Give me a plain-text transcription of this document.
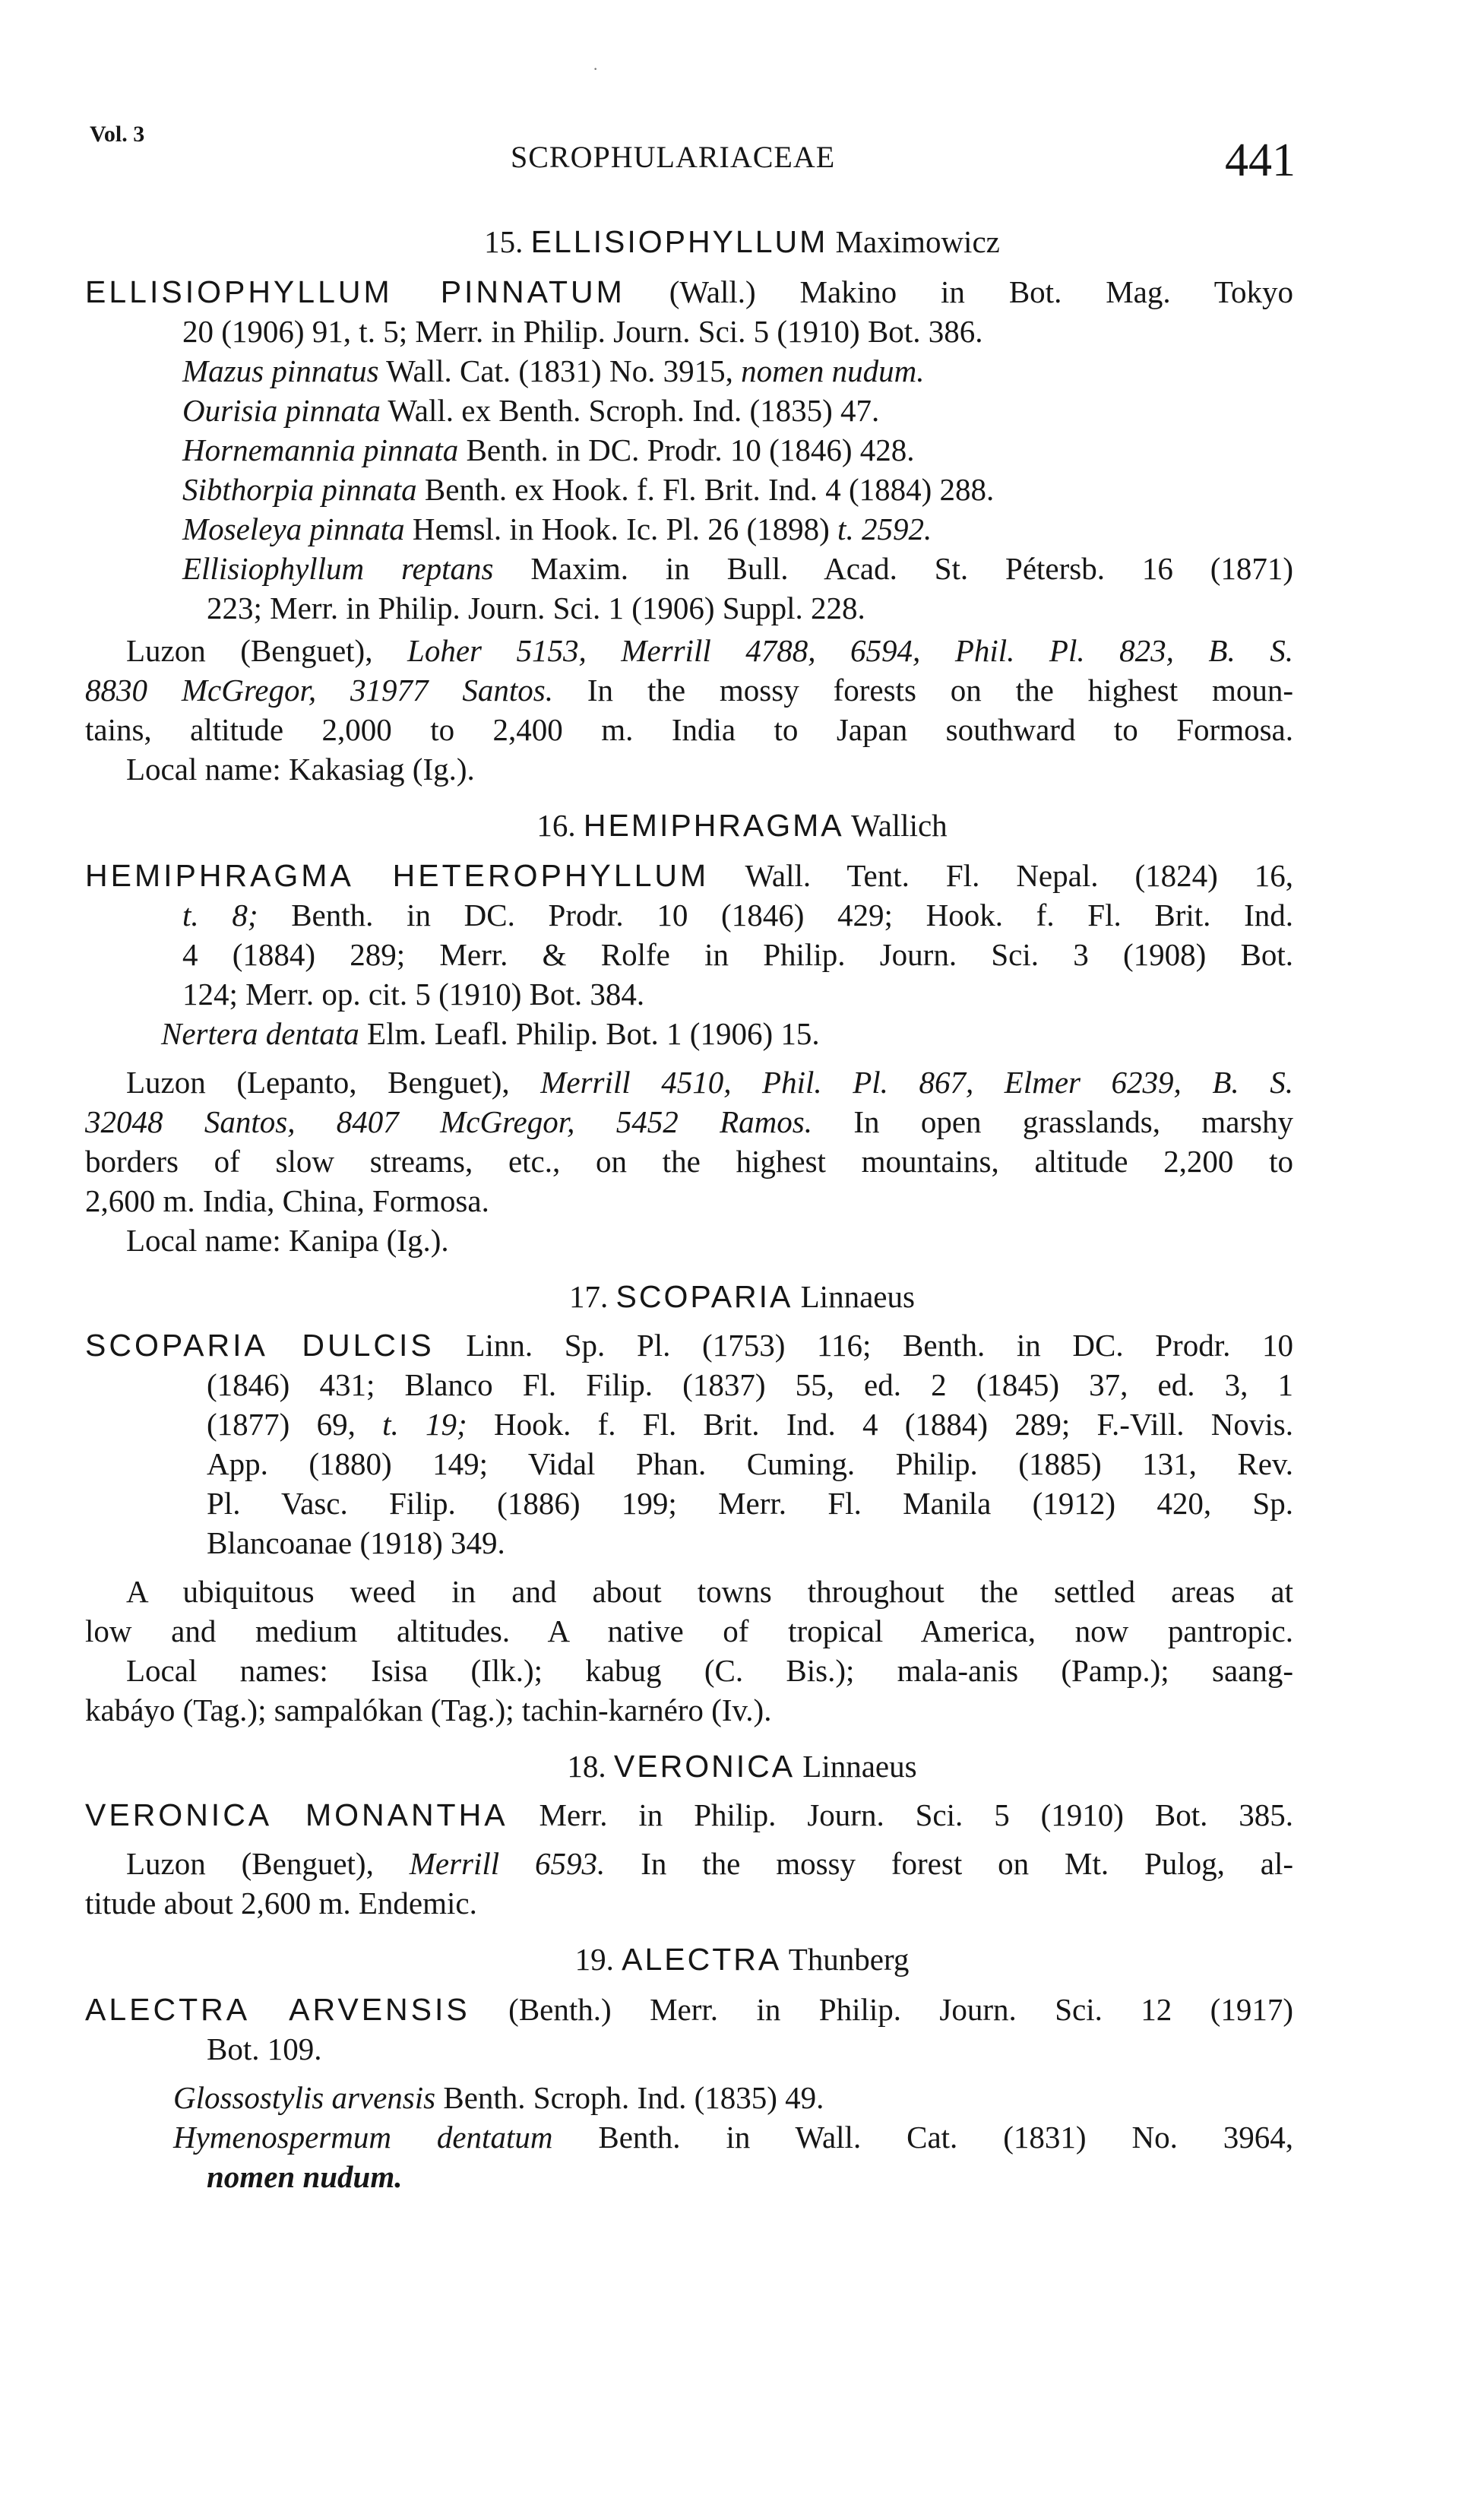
·
Vol. 3
SCROPHULARIACEAE	441
15. ELLISIOPHYLLUM Maximowicz
ELLISIOPHYLLUM PINNATUM (Wall.) Makino in Bot. Mag. Tokyo
20 (1906) 91, t. 5; Merr. in Philip. Journ. Sci. 5 (1910) Bot. 386.
Mazus pinnatus Wall. Cat. (1831) No. 3915, nomen nudum.
Ourisia pinnata Wall. ex Benth. Scroph. Ind. (1835) 47.
Hornemannia pinnata Benth. in DC. Prodr. 10 (1846) 428.
Sibthorpia pinnata Benth. ex Hook. f. Fl. Brit. Ind. 4 (1884) 288.
Moseleya pinnata Hemsl. in Hook. Ic. Pl. 26 (1898) t. 2592.
Ellisiophyllum reptans Maxim. in Bull. Acad. St. Pétersb. 16 (1871)
223; Merr. in Philip. Journ. Sci. 1 (1906) Suppl. 228.
Luzon (Benguet), Loher 5153, Merrill 4788, 6594, Phil. Pl. 823, B. S.
8830 McGregor, 31977 Santos. In the mossy forests on the highest moun-
tains, altitude 2,000 to 2,400 m. India to Japan southward to Formosa.
Local name: Kakasiag (Ig.).
16. HEMIPHRAGMA Wallich
HEMIPHRAGMA HETEROPHYLLUM Wall. Tent. Fl. Nepal. (1824) 16,
t. 8; Benth. in DC. Prodr. 10 (1846) 429; Hook. f. Fl. Brit. Ind.
4 (1884) 289; Merr. & Rolfe in Philip. Journ. Sci. 3 (1908) Bot.
124; Merr. op. cit. 5 (1910) Bot. 384.
Nertera dentata Elm. Leafl. Philip. Bot. 1 (1906) 15.
Luzon (Lepanto, Benguet), Merrill 4510, Phil. Pl. 867, Elmer 6239, B. S.
32048 Santos, 8407 McGregor, 5452 Ramos. In open grasslands, marshy
borders of slow streams, etc., on the highest mountains, altitude 2,200 to
2,600 m. India, China, Formosa.
Local name: Kanipa (Ig.).
17. SCOPARIA Linnaeus
SCOPARIA DULCIS Linn. Sp. Pl. (1753) 116; Benth. in DC. Prodr. 10
(1846) 431; Blanco Fl. Filip. (1837) 55, ed. 2 (1845) 37, ed. 3, 1
(1877) 69, t. 19; Hook. f. Fl. Brit. Ind. 4 (1884) 289; F.-Vill. Novis.
App. (1880) 149; Vidal Phan. Cuming. Philip. (1885) 131, Rev.
Pl. Vasc. Filip. (1886) 199; Merr. Fl. Manila (1912) 420, Sp.
Blancoanae (1918) 349.
A ubiquitous weed in and about towns throughout the settled areas at
low and medium altitudes. A native of tropical America, now pantropic.
Local names: Isisa (Ilk.); kabug (C. Bis.); mala-anis (Pamp.); saang-
kabáyo (Tag.); sampalókan (Tag.); tachin-karnéro (Iv.).
18. VERONICA Linnaeus
VERONICA MONANTHA Merr. in Philip. Journ. Sci. 5 (1910) Bot. 385.
Luzon (Benguet), Merrill 6593. In the mossy forest on Mt. Pulog, al-
titude about 2,600 m. Endemic.
19. ALECTRA Thunberg
ALECTRA ARVENSIS (Benth.) Merr. in Philip. Journ. Sci. 12 (1917)
Bot. 109.
Glossostylis arvensis Benth. Scroph. Ind. (1835) 49.
Hymenospermum dentatum Benth. in Wall. Cat. (1831) No. 3964,
nomen nudum.
